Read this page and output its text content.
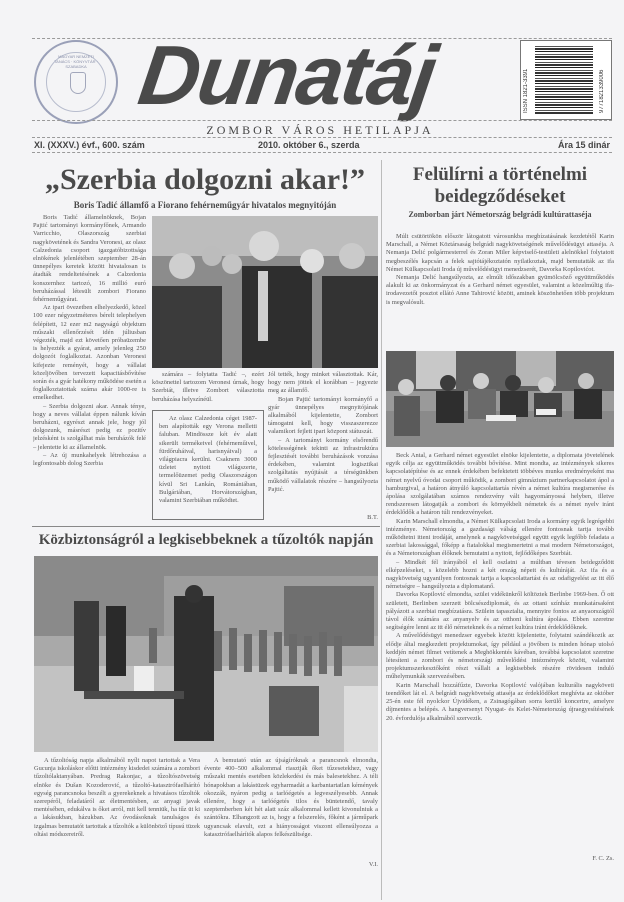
MAGYAR NEMZETI TANÁCS · KÖNYVTÁR · SZABADKA Dunatáj	ISSN 1821-3391	9771821339006
ZOMBOR VÁROS HETILAPJA
XI. (XXXV.) évf., 600. szám	2010. október 6., szerda	Ára 15 dinár
„Szerbia dolgozni akar!”
Boris Tadić államfő a Fiorano fehérneműgyár hivatalos megnyitóján

Boris Tadić államelnöknek, Bojan Pajtić tartományi kormányfőnek, Armando Varricchio, Olaszország szerbiai nagykövetének és Sandra Veronesi, az olasz Calzedonia csoport igazgatóbizottsága elnökének jelenlétében szeptember 28-án ünnepélyes keretek között hivatalosan is átadták rendeltetésének a Calzedonia konszernhez tartozó, 16 millió euró beruházással létesült zombori Fiorano fehérneműgyárat.

Az ipari övezetben elhelyezkedő, közel 100 ezer négyzetméteres bérelt telephelyen felépített, 12 ezer m2 nagyságú objektum műszaki ellenőrzését idén júliusban végezték, majd ezt követően próbaüzembe is helyezték a gyárat, amely jelenleg 250 dolgozót foglalkoztat. Azonban Veronesi kifejezte reményét, hogy a vállalat közeljövőben tervezett kapacitásbővítése során és a gyár hatékony működése esetén a foglalkoztatottak száma akár 1000-re is emelkedhet.

– Szerbia dolgozni akar. Annak ténye, hogy a neves vállalat éppen nálunk kíván beruházni, egyrészt annak jele, hogy jól dolgozunk, másrészt pedig ez pozitív jelzésként is szolgálhat más beruházók felé – jelentette ki az államelnök.

– Az új munkahelyek létrehozása a legfontosabb dolog Szerbia

számára – folytatta Tadić –, ezért köszönettel tartozom Veronesi úrnak, hogy Szerbiát, illetve Zombort választotta beruházása helyszínéül.

Az olasz Calzedonia céget 1987-ben alapították egy Verona melletti faluban. Mindössze két év alatt sikerült termékeivel (fehérneműivel, fürdőruháival, harisnyáival) a világpiacra kerülni. Csaknem 3000 üzletet nyitott világszerte, termelőüzemet pedig Olaszországon kívül Sri Lankán, Romániában, Bulgáriában, Horvátországban, valamint Szerbiában működtet.

Jól tették, hogy minket választottak. Kár, hogy nem jöttek el korábban – jegyezte meg az államfő.

Bojan Pajtić tartományi kormányfő a gyár ünnepélyes megnyitójának alkalmából kijelentette, Zombort támogatni kell, hogy visszaszerezze valamikori fejlett ipari központ státuszát.

– A tartományi kormány elsőrendű kötelességének tekinti az infrastruktúra fejlesztését további beruházások vonzása érdekében, valamint logisztikai szolgáltatás nyújtását a térségünkben működő vállalatok részére – hangsúlyozta Pajtić.

B.T.
Közbiztonságról a legkisebbeknek a tűzoltók napján

A tűzoltóság napja alkalmából nyílt napot tartottak a Vera Gucunja iskoláskor előtti intézmény kisdedei számára a zombori tűzoltólaktanyában. Predrag Rakonjac, a tűzoltószövetség elnöke és Dušan Kozoderović, a tűzoltó-katasztrófaelhárító egység parancsnoka beszélt a gyerekeknek a hivatásos tűzoltók szerepéről, feladatáról az életmentésben, az anyagi javak mentésében, edukálva is őket arról, mit kell tenniük, ha tűz üt ki a lakásukban, házukban. Az óvodásoknak tanulságos és izgalmas bemutatót tartottak a tűzoltók a különböző típusú tüzek oltási módszereiről.

A bemutató után az újságíróknak a parancsnok elmondta, évente 400–500 alkalommal riasztják őket tűzesetekhez, vagy műszaki mentés esetében közlekedési és más balesetekhez. A téli hónapokban a lakástüzek egyharmadát a karbantartatlan kémények okozzák, nyáron pedig a tarlóégetés a legveszélyesebb. Annak ellenére, hogy a tarlóégetés tilos és büntetendő, tavaly szeptemberben két hét alatt száz alkalommal kellett kivonulniuk a szántókra. Elhangzott az is, hogy a felszerelés, főként a járműpark ugyancsak elavult, ezt a hiányosságot viszont ellensúlyozza a katasztrófaelhárítók alapos felkészültsége.

V.I.
Felülírni a történelmi beidegződéseket
Zomborban járt Németország belgrádi kultúrattaséja

Múlt csütörtökön először látogatott városunkba megbízatásának kezdetétől Karin Marschall, a Német Köztársaság belgrádi nagykövetségének művelődésügyi attaséja. A Nemanja Delić polgármesterrel és Zoran Miler képviselő-testületi alelnökkel folytatott megbeszélés kapcsán a felek sajtótájékoztatón nyilatkoztak, majd bemutatták az ifa Német Külkapcsolati Iroda új művelődésügyi menedzserét, Davorka Kopilovićot.

Nemanja Delić hangsúlyozta, az elmúlt időszakban gyümölcsöző együttműködés alakult ki az önkormányzat és a Gerhard német egyesület, valamint a közelmúltig ifa-irodavezetői posztot ellátó Anne Tahirović között, aminek köszönhetően több projektum is megvalósult.

Beck Antal, a Gerhard német egyesület elnöke kijelentette, a diplomata jövetelének egyik célja az együttműködés további bővítése. Mint mondta, az intézmények sikeres kapcsolatépítése és az ennek érdekében befektetett többéves munka eredményeként ma német nyelvű óvodai csoport működik, a zombori gimnázium partnerkapcsolatot ápol a hamburgival, a határon átnyúló kapcsolattartás révén a német kultúra megismerése és ápolása szolgálatában számos rendezvény vált hagyományossá helyben, illetve rendszeresen látogatják a zombori és környékbeli németek és a német nyelv iránt érdeklődők a határon túli rendezvényeket.

Karin Marschall elmondta, a Német Külkapcsolati Iroda a kormány egyik legrégebbi intézménye. Németország a gazdasági válság ellenére fontosnak tartja tovább működtetni itteni irodáját, amelynek a nagykövetséggel együtt egyik legfőbb feladata a szerbiai lakossággal, főképp a fiatalokkal megismertetni a mai modern Németországot, és a Németországban élőknek bemutatni a nyitott, fejlődőképes Szerbiát.

– Mindkét fél irányából el kell oszlatni a múltban tévesen beidegződött elképzeléseket, s közelebb hozni a két ország népeit és kultúráját. Az ifa és a nagykövetség ugyanilyen fontosnak tartja a kapcsolattartást és az odafigyelést az itt élő németségre – hangsúlyozta a diplomatanő.

Davorka Kopilović elmondta, szülei vidékünkről költöztek Berlinbe 1969-ben. Ő ott született, Berlinben szerzett bölcsészdiplomát, és az ottani színház munkatársaként pályázott a szerbiai megbízatásra. Szülein tapasztalta, mennyire fontos az anyaországtól távol élők számára az anyanyelv és az otthoni kultúra ápolása. Ebben szeretne segítségére lenni az itt élő németeknek és a német kultúra iránt érdeklődőknek.

A művelődésügyi menedzser egyebek között kijelentette, folytatni szándékozik az elődje által megkezdett projektumokat, így például a jövőben is minden hónap utolsó keddjén német filmet vetítenek a Meghökkentés kávéban, továbbá kapcsolatot szeretne létesíteni a zombori és németországi művelődési intézmények között, valamint projektumszerkesztőként részt vállalt a legkisebbek részére rövidesen induló műhelymunkák szervezésében.

Karin Marschall hozzáfűzte, Davorka Kopilović valójában kulturális nagyköveti teendőket lát el. A belgrádi nagykövetség attaséja az érdeklődőket meghívta az október 25-én este fél nyolckor Újvidéken, a Zsinagógában sorra kerülő koncertre, amelyre díjmentes a belépés. A hangversenyt Nyugat- és Kelet-Németország újraegyesítésének 20. évfordulója alkalmából szervezik.

F. C. Zs.
